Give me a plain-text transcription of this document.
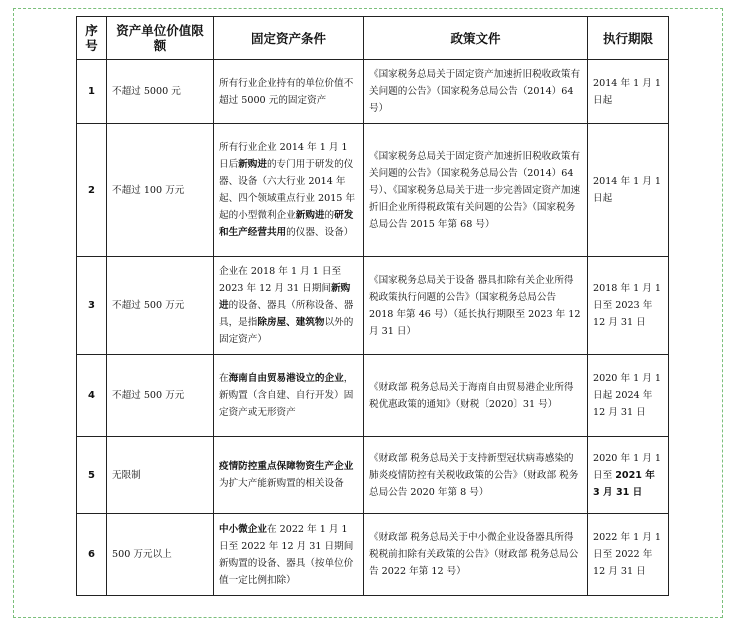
序号	资产单位价值限额	固定资产条件	政策文件	执行期限
1	不超过 5000 元	所有行业企业持有的单位价值不超过 5000 元的固定资产	《国家税务总局关于固定资产加速折旧税收政策有关问题的公告》（国家税务总局公告（2014）64 号）	2014 年 1 月 1 日起
2	不超过 100 万元	所有行业企业 2014 年 1 月 1 日后新购进的专门用于研发的仪器、设备（六大行业 2014 年起、四个领域重点行业 2015 年起的小型微利企业新购进的研发和生产经营共用的仪器、设备）	《国家税务总局关于固定资产加速折旧税收政策有关问题的公告》（国家税务总局公告（2014）64 号）、《国家税务总局关于进一步完善固定资产加速折旧企业所得税政策有关问题的公告》（国家税务总局公告 2015 年第 68 号）	2014 年 1 月 1 日起
3	不超过 500 万元	企业在 2018 年 1 月 1 日至 2023 年 12 月 31 日期间新购进的设备、器具（所称设备、器具，是指除房屋、建筑物以外的固定资产）	《国家税务总局关于设备 器具扣除有关企业所得税政策执行问题的公告》（国家税务总局公告 2018 年第 46 号）（延长执行期限至 2023 年 12 月 31 日）	2018 年 1 月 1 日至 2023 年 12 月 31 日
4	不超过 500 万元	在海南自由贸易港设立的企业，新购置（含自建、自行开发）固定资产或无形资产	《财政部 税务总局关于海南自由贸易港企业所得税优惠政策的通知》（财税〔2020〕31 号）	2020 年 1 月 1 日起 2024 年 12 月 31 日
5	无限制	疫情防控重点保障物资生产企业为扩大产能新购置的相关设备	《财政部 税务总局关于支持新型冠状病毒感染的肺炎疫情防控有关税收政策的公告》（财政部 税务总局公告 2020 年第 8 号）	2020 年 1 月 1 日至 2021 年 3 月 31 日
6	500 万元以上	中小微企业在 2022 年 1 月 1 日至 2022 年 12 月 31 日期间新购置的设备、器具（按单位价值一定比例扣除）	《财政部 税务总局关于中小微企业设备器具所得税税前扣除有关政策的公告》（财政部 税务总局公告 2022 年第 12 号）	2022 年 1 月 1 日至 2022 年 12 月 31 日
